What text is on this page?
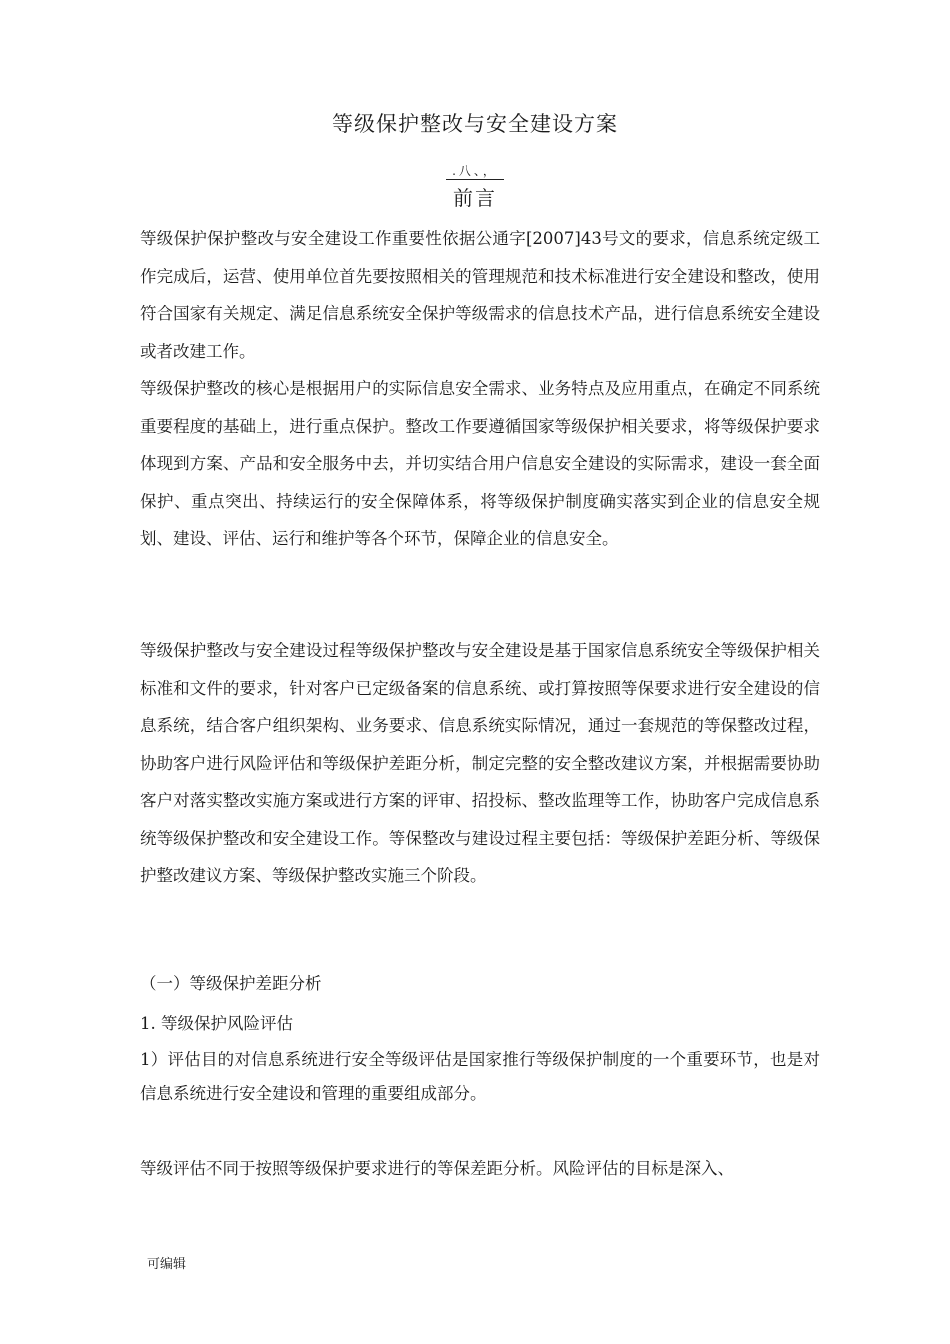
等级保护整改与安全建设方案
.八、，
前言

等级保护保护整改与安全建设工作重要性依据公通字[2007]43号文的要求，信息系统定级工作完成后，运营、使用单位首先要按照相关的管理规范和技术标准进行安全建设和整改，使用符合国家有关规定、满足信息系统安全保护等级需求的信息技术产品，进行信息系统安全建设或者改建工作。

等级保护整改的核心是根据用户的实际信息安全需求、业务特点及应用重点，在确定不同系统重要程度的基础上，进行重点保护。整改工作要遵循国家等级保护相关要求，将等级保护要求体现到方案、产品和安全服务中去，并切实结合用户信息安全建设的实际需求，建设一套全面保护、重点突出、持续运行的安全保障体系，将等级保护制度确实落实到企业的信息安全规划、建设、评估、运行和维护等各个环节，保障企业的信息安全。

等级保护整改与安全建设过程等级保护整改与安全建设是基于国家信息系统安全等级保护相关标准和文件的要求，针对客户已定级备案的信息系统、或打算按照等保要求进行安全建设的信息系统，结合客户组织架构、业务要求、信息系统实际情况，通过一套规范的等保整改过程，协助客户进行风险评估和等级保护差距分析，制定完整的安全整改建议方案，并根据需要协助客户对落实整改实施方案或进行方案的评审、招投标、整改监理等工作，协助客户完成信息系统等级保护整改和安全建设工作。等保整改与建设过程主要包括：等级保护差距分析、等级保护整改建议方案、等级保护整改实施三个阶段。

（一）等级保护差距分析

1. 等级保护风险评估

1）评估目的对信息系统进行安全等级评估是国家推行等级保护制度的一个重要环节，也是对信息系统进行安全建设和管理的重要组成部分。

等级评估不同于按照等级保护要求进行的等保差距分析。风险评估的目标是深入、

可编辑
